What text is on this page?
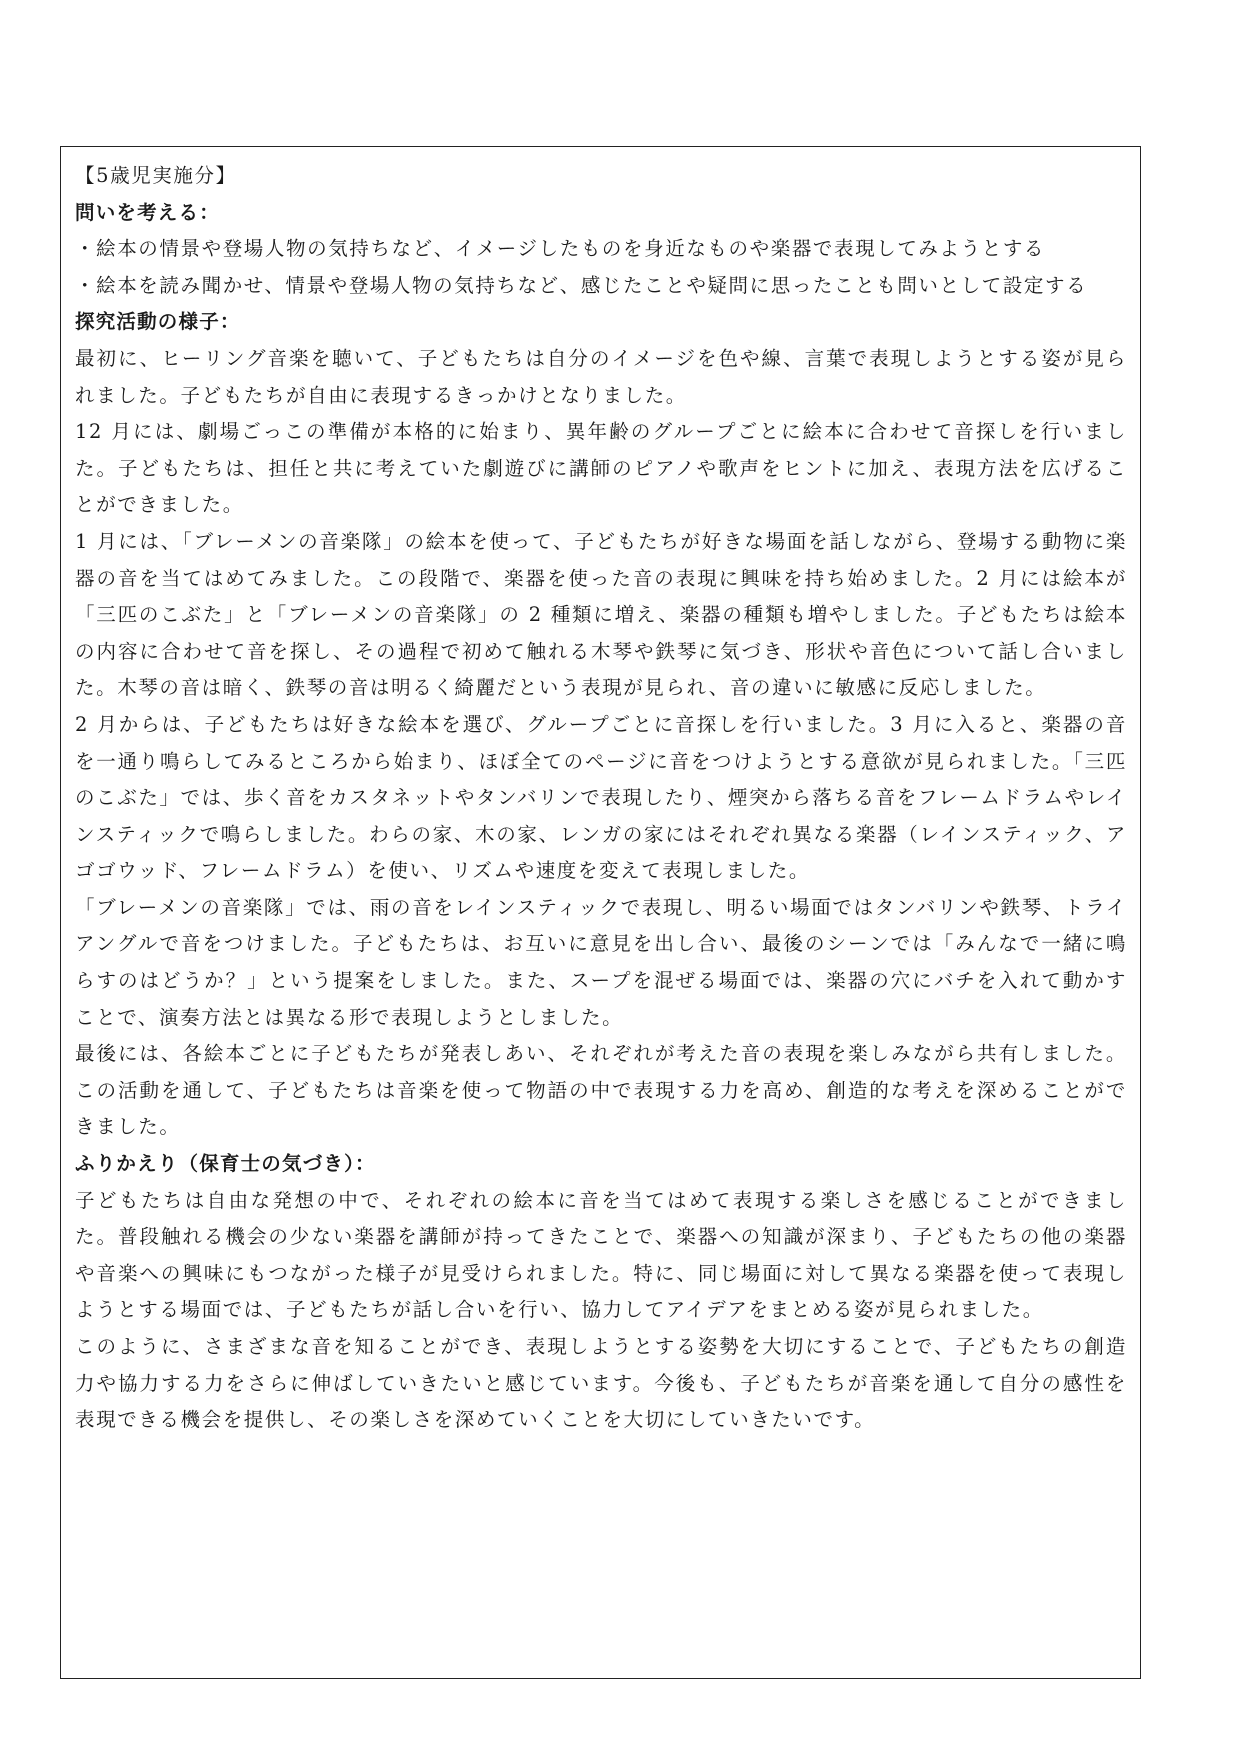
【5歳児実施分】

問いを考える：

・絵本の情景や登場人物の気持ちなど、イメージしたものを身近なものや楽器で表現してみようとする

・絵本を読み聞かせ、情景や登場人物の気持ちなど、感じたことや疑問に思ったことも問いとして設定する

探究活動の様子：

最初に、ヒーリング音楽を聴いて、子どもたちは自分のイメージを色や線、言葉で表現しようとする姿が見られました。子どもたちが自由に表現するきっかけとなりました。

12 月には、劇場ごっこの準備が本格的に始まり、異年齢のグループごとに絵本に合わせて音探しを行いました。子どもたちは、担任と共に考えていた劇遊びに講師のピアノや歌声をヒントに加え、表現方法を広げることができました。

1 月には、「ブレーメンの音楽隊」の絵本を使って、子どもたちが好きな場面を話しながら、登場する動物に楽器の音を当てはめてみました。この段階で、楽器を使った音の表現に興味を持ち始めました。2 月には絵本が「三匹のこぶた」と「ブレーメンの音楽隊」の 2 種類に増え、楽器の種類も増やしました。子どもたちは絵本の内容に合わせて音を探し、その過程で初めて触れる木琴や鉄琴に気づき、形状や音色について話し合いました。木琴の音は暗く、鉄琴の音は明るく綺麗だという表現が見られ、音の違いに敏感に反応しました。

2 月からは、子どもたちは好きな絵本を選び、グループごとに音探しを行いました。3 月に入ると、楽器の音を一通り鳴らしてみるところから始まり、ほぼ全てのページに音をつけようとする意欲が見られました。「三匹のこぶた」では、歩く音をカスタネットやタンバリンで表現したり、煙突から落ちる音をフレームドラムやレインスティックで鳴らしました。わらの家、木の家、レンガの家にはそれぞれ異なる楽器（レインスティック、アゴゴウッド、フレームドラム）を使い、リズムや速度を変えて表現しました。

「ブレーメンの音楽隊」では、雨の音をレインスティックで表現し、明るい場面ではタンバリンや鉄琴、トライアングルで音をつけました。子どもたちは、お互いに意見を出し合い、最後のシーンでは「みんなで一緒に鳴らすのはどうか？」という提案をしました。また、スープを混ぜる場面では、楽器の穴にバチを入れて動かすことで、演奏方法とは異なる形で表現しようとしました。

最後には、各絵本ごとに子どもたちが発表しあい、それぞれが考えた音の表現を楽しみながら共有しました。この活動を通して、子どもたちは音楽を使って物語の中で表現する力を高め、創造的な考えを深めることができました。

ふりかえり（保育士の気づき）：

子どもたちは自由な発想の中で、それぞれの絵本に音を当てはめて表現する楽しさを感じることができました。普段触れる機会の少ない楽器を講師が持ってきたことで、楽器への知識が深まり、子どもたちの他の楽器や音楽への興味にもつながった様子が見受けられました。特に、同じ場面に対して異なる楽器を使って表現しようとする場面では、子どもたちが話し合いを行い、協力してアイデアをまとめる姿が見られました。

このように、さまざまな音を知ることができ、表現しようとする姿勢を大切にすることで、子どもたちの創造力や協力する力をさらに伸ばしていきたいと感じています。今後も、子どもたちが音楽を通して自分の感性を表現できる機会を提供し、その楽しさを深めていくことを大切にしていきたいです。
